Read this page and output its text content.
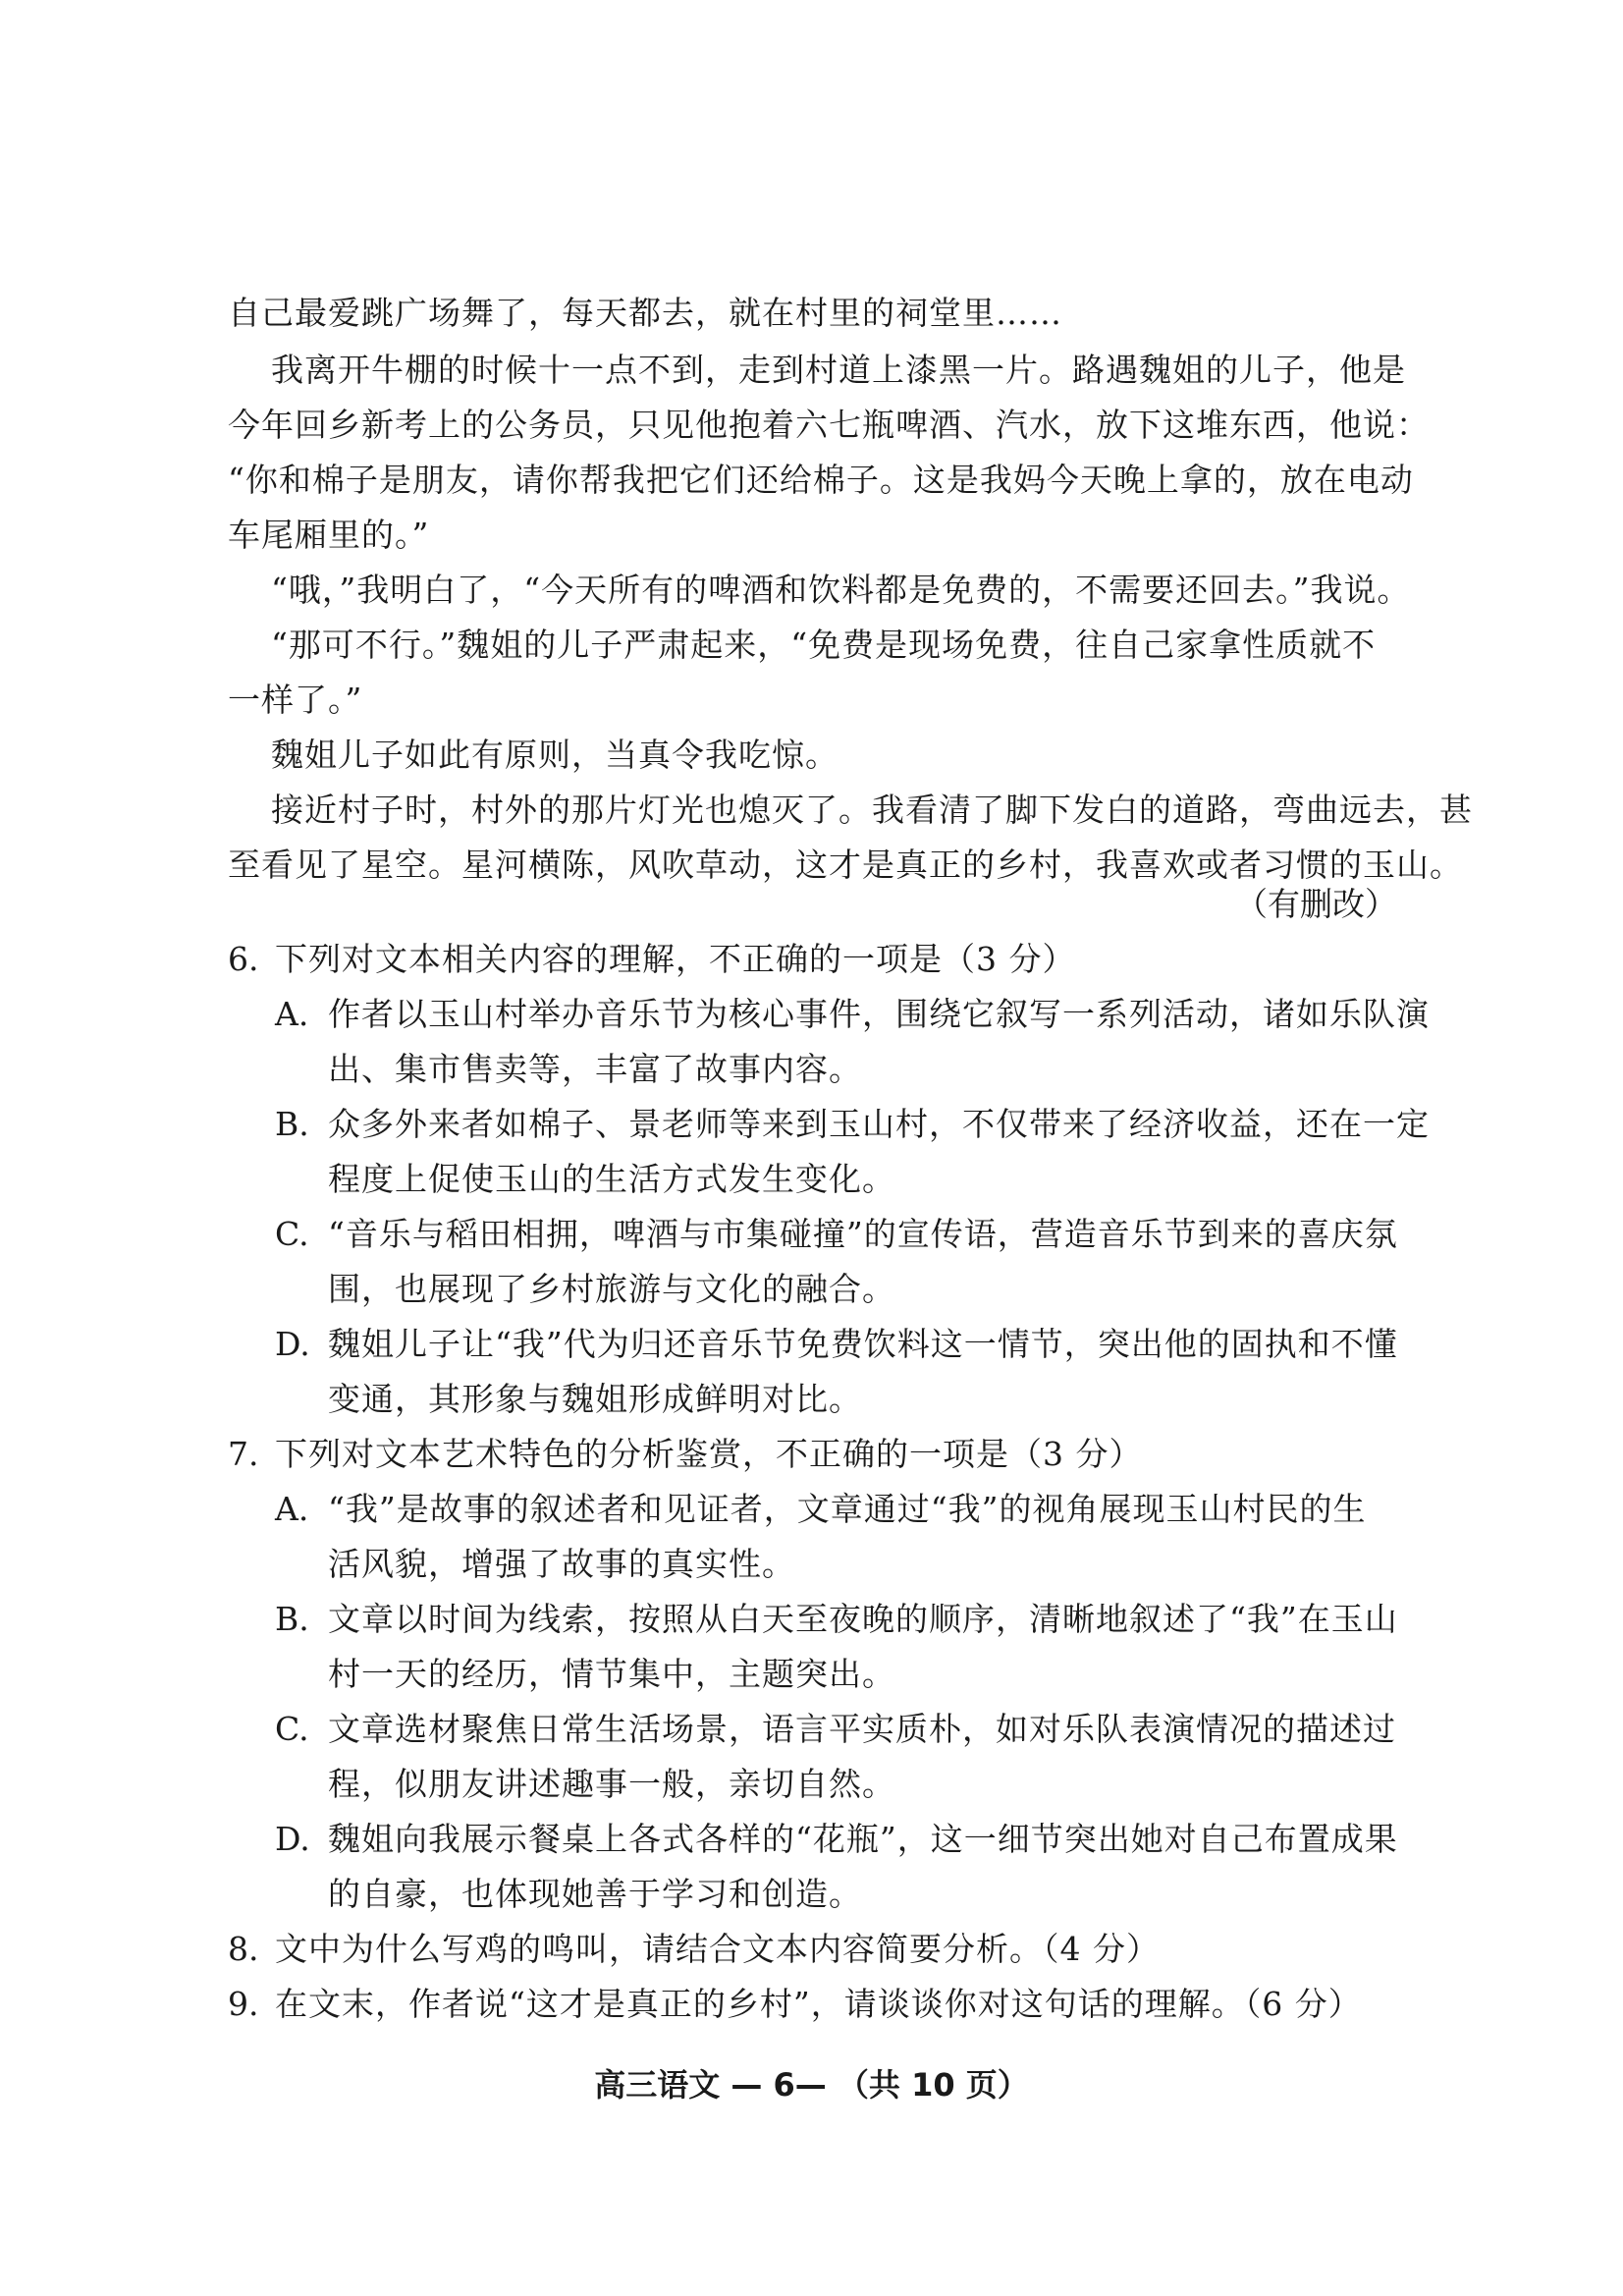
自己最爱跳广场舞了，每天都去，就在村里的祠堂里……

我离开牛棚的时候十一点不到，走到村道上漆黑一片。路遇魏姐的儿子，他是

今年回乡新考上的公务员，只见他抱着六七瓶啤酒、汽水，放下这堆东西，他说：

“你和棉子是朋友，请你帮我把它们还给棉子。这是我妈今天晚上拿的，放在电动

车尾厢里的。”

“哦，”我明白了，“今天所有的啤酒和饮料都是免费的，不需要还回去。”我说。

“那可不行。”魏姐的儿子严肃起来，“免费是现场免费，往自己家拿性质就不

一样了。”

魏姐儿子如此有原则，当真令我吃惊。

接近村子时，村外的那片灯光也熄灭了。我看清了脚下发白的道路，弯曲远去，甚

至看见了星空。星河横陈，风吹草动，这才是真正的乡村，我喜欢或者习惯的玉山。

（有删改）
6. 下列对文本相关内容的理解，不正确的一项是（3 分）
A. 作者以玉山村举办音乐节为核心事件，围绕它叙写一系列活动，诸如乐队演
出、集市售卖等，丰富了故事内容。
B. 众多外来者如棉子、景老师等来到玉山村，不仅带来了经济收益，还在一定
程度上促使玉山的生活方式发生变化。
C. “音乐与稻田相拥，啤酒与市集碰撞”的宣传语，营造音乐节到来的喜庆氛
围，也展现了乡村旅游与文化的融合。
D. 魏姐儿子让“我”代为归还音乐节免费饮料这一情节，突出他的固执和不懂
变通，其形象与魏姐形成鲜明对比。
7. 下列对文本艺术特色的分析鉴赏，不正确的一项是（3 分）
A. “我”是故事的叙述者和见证者，文章通过“我”的视角展现玉山村民的生
活风貌，增强了故事的真实性。
B. 文章以时间为线索，按照从白天至夜晚的顺序，清晰地叙述了“我”在玉山
村一天的经历，情节集中，主题突出。
C. 文章选材聚焦日常生活场景，语言平实质朴，如对乐队表演情况的描述过
程，似朋友讲述趣事一般，亲切自然。
D. 魏姐向我展示餐桌上各式各样的“花瓶”，这一细节突出她对自己布置成果
的自豪，也体现她善于学习和创造。
8. 文中为什么写鸡的鸣叫，请结合文本内容简要分析。（4 分）
9. 在文末，作者说“这才是真正的乡村”，请谈谈你对这句话的理解。（6 分）
高三语文 — 6— （共 10 页）
